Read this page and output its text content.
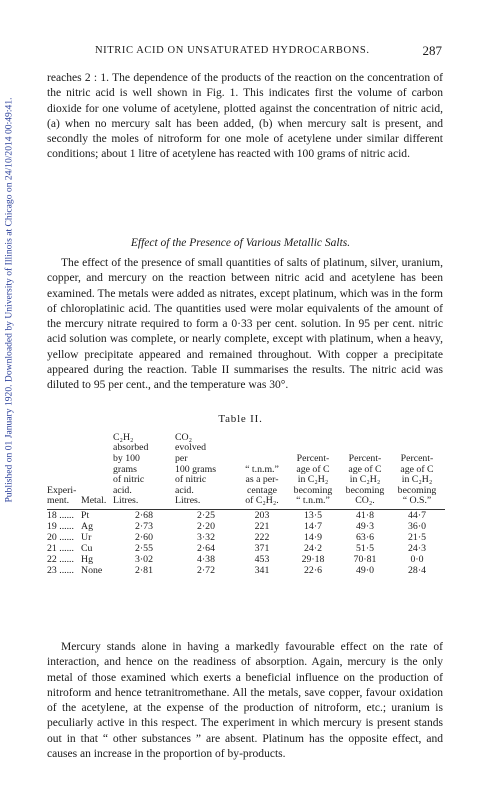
Published on 01 January 1920. Downloaded by University of Illinois at Chicago on 24/10/2014 00:49:41.
NITRIC ACID ON UNSATURATED HYDROCARBONS.	287

reaches 2 : 1. The dependence of the products of the reaction on the concentration of the nitric acid is well shown in Fig. 1. This indicates first the volume of carbon dioxide for one volume of acetylene, plotted against the concentration of nitric acid, (a) when no mercury salt has been added, (b) when mercury salt is present, and secondly the moles of nitroform for one mole of acetylene under similar different conditions; about 1 litre of acetylene has reacted with 100 grams of nitric acid.

Effect of the Presence of Various Metallic Salts.

The effect of the presence of small quantities of salts of platinum, silver, uranium, copper, and mercury on the reaction between nitric acid and acetylene has been examined. The metals were added as nitrates, except platinum, which was in the form of chloroplatinic acid. The quantities used were molar equivalents of the amount of the mercury nitrate required to form a 0·33 per cent. solution. In 95 per cent. nitric acid solution was complete, or nearly complete, except with platinum, when a heavy, yellow precipitate appeared and remained throughout. With copper a precipitate appeared during the reaction. Table II summarises the results. The nitric acid was diluted to 95 per cent., and the temperature was 30°.

Table II.
Experi-
ment.	Metal.
C₂H₂
absorbed
by 100
grams
of nitric
acid.
Litres.
CO₂
evolved
per
100 grams
of nitric
acid.
Litres.
“ t.n.m.”
as a per-
centage
of C₂H₂.
Percent-
age of C
in C₂H₂
becoming
“ t.n.m.”
Percent-
age of C
in C₂H₂
becoming
CO₂.
Percent-
age of C
in C₂H₂
becoming
“ O.S.”
18 ...... Pt	2·68	2·25	203	13·5	41·8	44·7
19 ...... Ag	2·73	2·20	221	14·7	49·3	36·0
20 ...... Ur	2·60	3·32	222	14·9	63·6	21·5
21 ...... Cu	2·55	2·64	371	24·2	51·5	24·3
22 ...... Hg	3·02	4·38	453	29·18	70·81	0·0
23 ...... None	2·81	2·72	341	22·6	49·0	28·4

Mercury stands alone in having a markedly favourable effect on the rate of interaction, and hence on the readiness of absorption. Again, mercury is the only metal of those examined which exerts a beneficial influence on the production of nitroform and hence tetranitromethane. All the metals, save copper, favour oxidation of the acetylene, at the expense of the production of nitroform, etc.; uranium is peculiarly active in this respect. The experiment in which mercury is present stands out in that “ other substances ” are absent. Platinum has the opposite effect, and causes an increase in the proportion of by-products.
